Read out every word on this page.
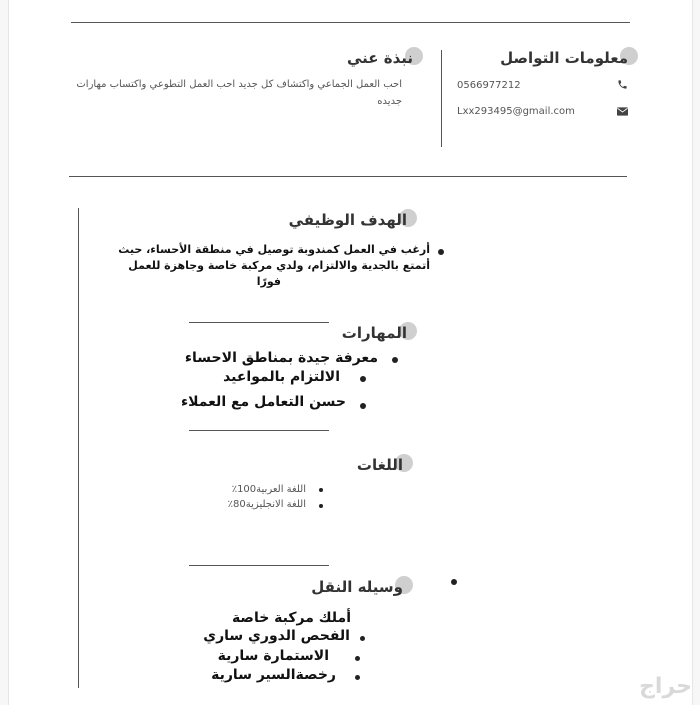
معلومات التواصل
0566977212
Lxx293495@gmail.com
نبذة عني
احب العمل الجماعي واكتشاف كل جديد احب العمل التطوعي واكتساب مهارات
جديده
الهدف الوظيفي
أرغب في العمل كمندوبة توصيل في منطقة الأحساء، حيث
أتمتع بالجدية والالتزام، ولدي مركبة خاصة وجاهزة للعمل
فورًا
المهارات
معرفة جيدة بمناطق الاحساء
الالتزام بالمواعيد
حسن التعامل مع العملاء
اللغات
اللغة العربية100٪
اللغة الانجليزية80٪
وسيله النقل
أملك مركبة خاصة
الفحص الدوري ساري
الاستمارة سارية
رخصةالسير سارية	حراج
